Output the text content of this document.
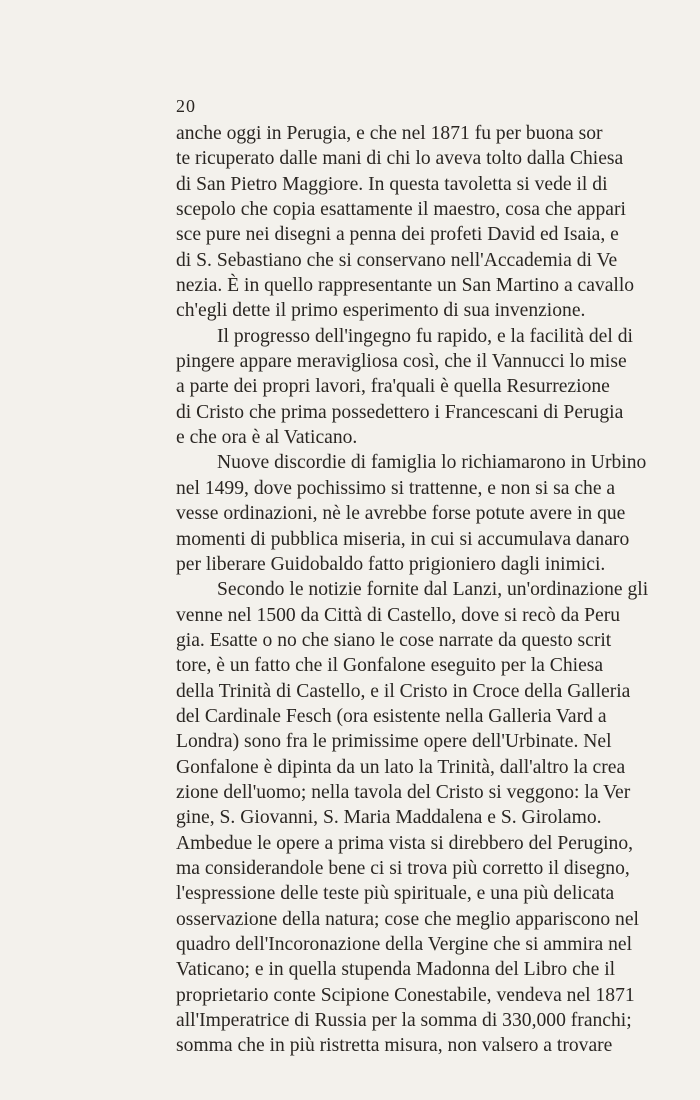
20
anche oggi in Perugia, e che nel 1871 fu per buona sor
te ricuperato dalle mani di chi lo aveva tolto dalla Chiesa
di San Pietro Maggiore. In questa tavoletta si vede il di
scepolo che copia esattamente il maestro, cosa che appari
sce pure nei disegni a penna dei profeti David ed Isaia, e
di S. Sebastiano che si conservano nell'Accademia di Ve
nezia. È in quello rappresentante un San Martino a cavallo
ch'egli dette il primo esperimento di sua invenzione.
Il progresso dell'ingegno fu rapido, e la facilità del di
pingere appare meravigliosa così, che il Vannucci lo mise
a parte dei propri lavori, fra'quali è quella Resurrezione
di Cristo che prima possedettero i Francescani di Perugia
e che ora è al Vaticano.
Nuove discordie di famiglia lo richiamarono in Urbino
nel 1499, dove pochissimo si trattenne, e non si sa che a
vesse ordinazioni, nè le avrebbe forse potute avere in que
momenti di pubblica miseria, in cui si accumulava danaro
per liberare Guidobaldo fatto prigioniero dagli inimici.
Secondo le notizie fornite dal Lanzi, un'ordinazione gli
venne nel 1500 da Città di Castello, dove si recò da Peru
gia. Esatte o no che siano le cose narrate da questo scrit
tore, è un fatto che il Gonfalone eseguito per la Chiesa
della Trinità di Castello, e il Cristo in Croce della Galleria
del Cardinale Fesch (ora esistente nella Galleria Vard a
Londra) sono fra le primissime opere dell'Urbinate. Nel
Gonfalone è dipinta da un lato la Trinità, dall'altro la crea
zione dell'uomo; nella tavola del Cristo si veggono: la Ver
gine, S. Giovanni, S. Maria Maddalena e S. Girolamo.
Ambedue le opere a prima vista si direbbero del Perugino,
ma considerandole bene ci si trova più corretto il disegno,
l'espressione delle teste più spirituale, e una più delicata
osservazione della natura; cose che meglio appariscono nel
quadro dell'Incoronazione della Vergine che si ammira nel
Vaticano; e in quella stupenda Madonna del Libro che il
proprietario conte Scipione Conestabile, vendeva nel 1871
all'Imperatrice di Russia per la somma di 330,000 franchi;
somma che in più ristretta misura, non valsero a trovare
